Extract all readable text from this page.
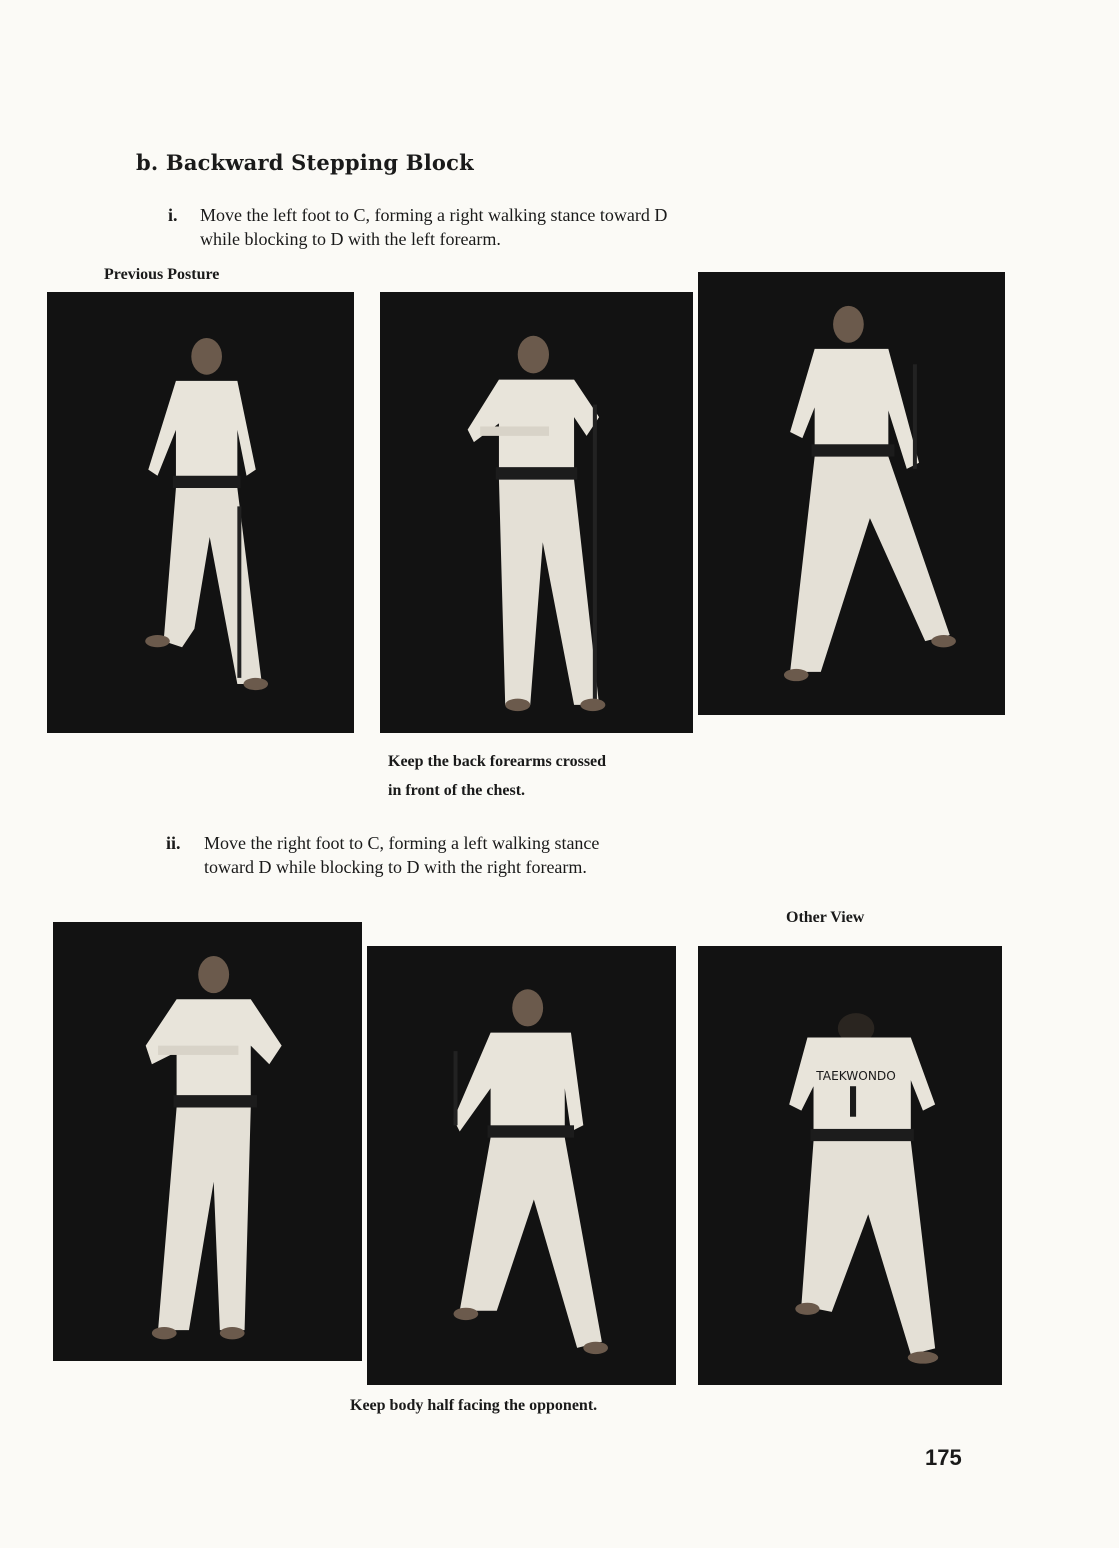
b. Backward Stepping Block
i.	Move the left foot to C, forming a right walking stance toward D
while blocking to D with the left forearm.
Previous Posture
Keep the back forearms crossed
in front of the chest.
ii.	Move the right foot to C, forming a left walking stance
toward D while blocking to D with the right forearm.
Other View
TAEKWONDO
Keep body half facing the opponent.
175
